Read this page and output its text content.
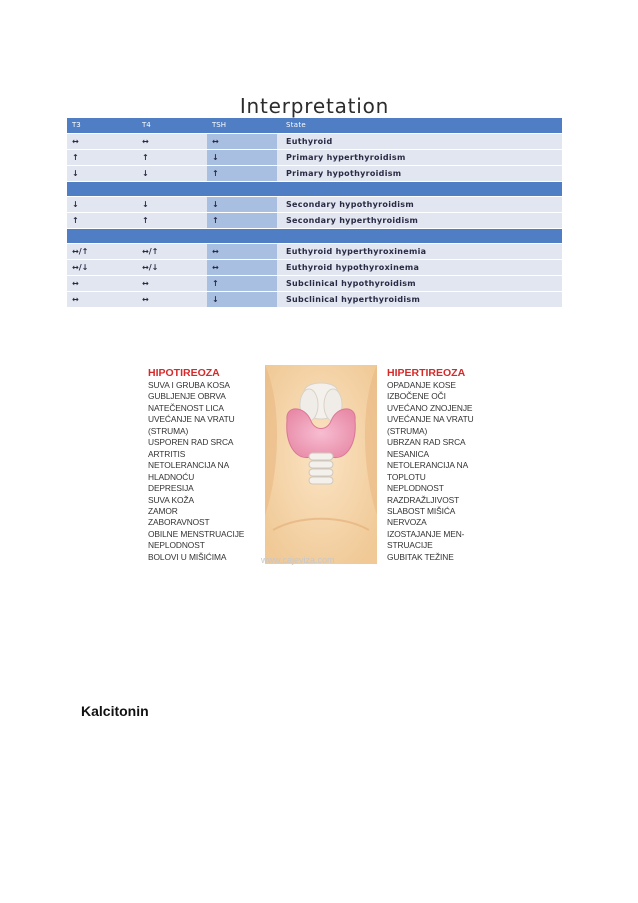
Interpretation
T3	T4	TSH	State
↔	↔	↔	Euthyroid
↑	↑	↓	Primary hyperthyroidism
↓	↓	↑	Primary hypothyroidism
↓	↓	↓	Secondary hypothyroidism
↑	↑	↑	Secondary hyperthyroidism
↔/↑	↔/↑	↔	Euthyroid hyperthyroxinemia
↔/↓	↔/↓	↔	Euthyroid hypothyroxinema
↔	↔	↑	Subclinical hypothyroidism
↔	↔	↓	Subclinical hyperthyroidism
HIPOTIREOZA
SUVA I GRUBA KOSA
GUBLJENJE OBRVA
NATEČENOST LICA
UVEĆANJE NA VRATU
(STRUMA)
USPOREN RAD SRCA
ARTRITIS
NETOLERANCIJA NA
HLADNOĆU
DEPRESIJA
SUVA KOŽA
ZAMOR
ZABORAVNOST
OBILNE MENSTRUACIJE
NEPLODNOST
BOLOVI U MIŠIĆIMA	www.cajeviza.com
HIPERTIREOZA
OPADANJE KOSE
IZBOČENE OČI
UVEĆANO ZNOJENJE
UVEĆANJE NA VRATU
(STRUMA)
UBRZAN RAD SRCA
NESANICA
NETOLERANCIJA NA
TOPLOTU
NEPLODNOST
RAZDRAŽLJIVOST
SLABOST MIŠIĆA
NERVOZA
IZOSTAJANJE MEN-
STRUACIJE
GUBITAK TEŽINE
Kalcitonin
